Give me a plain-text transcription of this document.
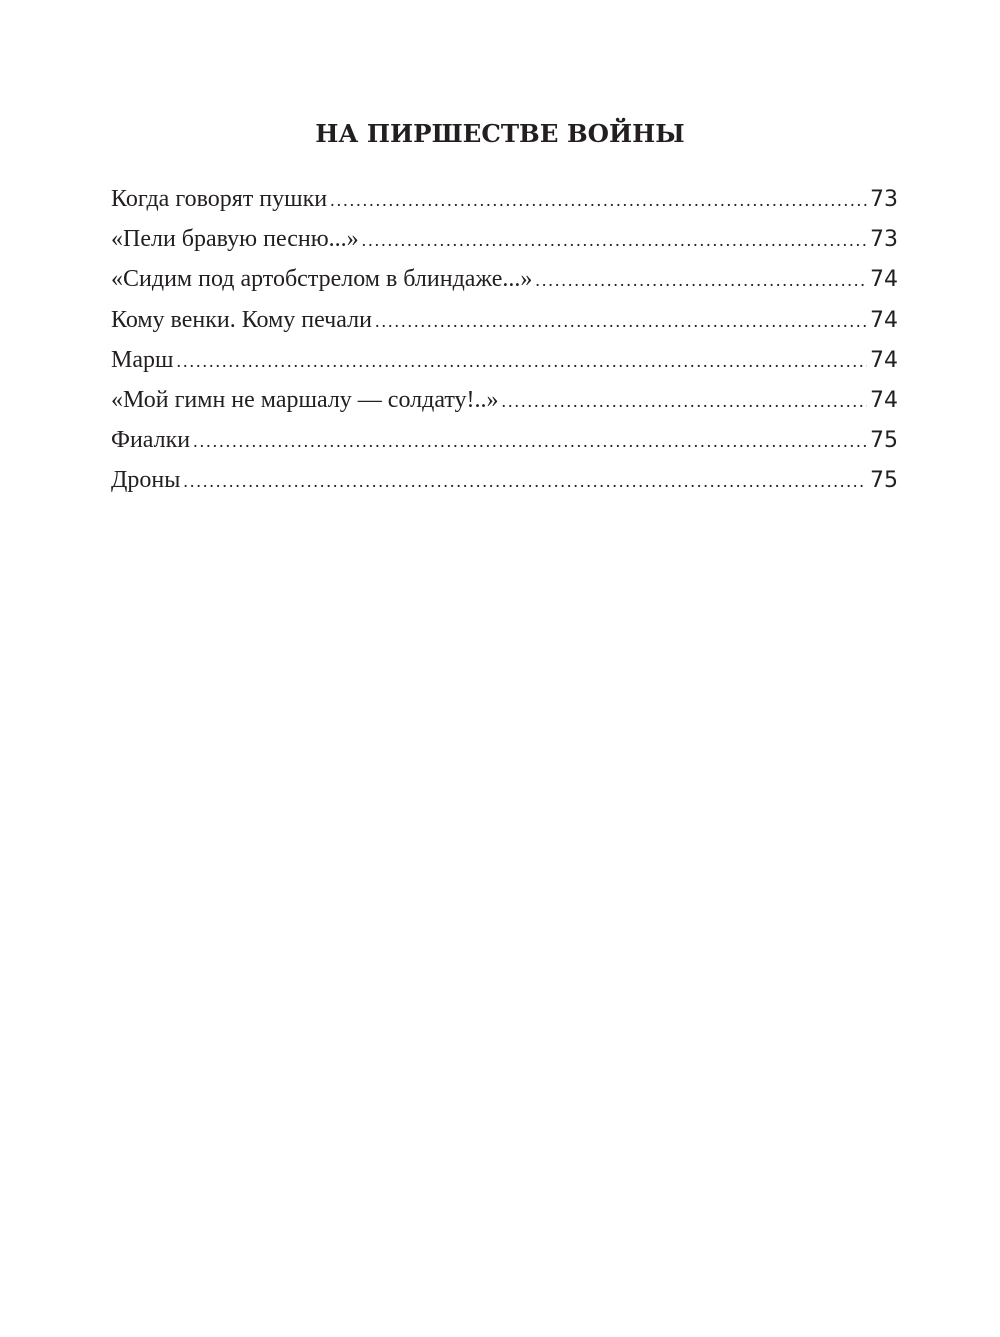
НА ПИРШЕСТВЕ ВОЙНЫ
Когда говорят пушки .....	73
«Пели бравую песню...» .....	73
«Сидим под артобстрелом в блиндаже...» .....	74
Кому венки. Кому печали .....	74
Марш .....	74
«Мой гимн не маршалу — солдату!..» .....	74
Фиалки .....	75
Дроны .....	75
